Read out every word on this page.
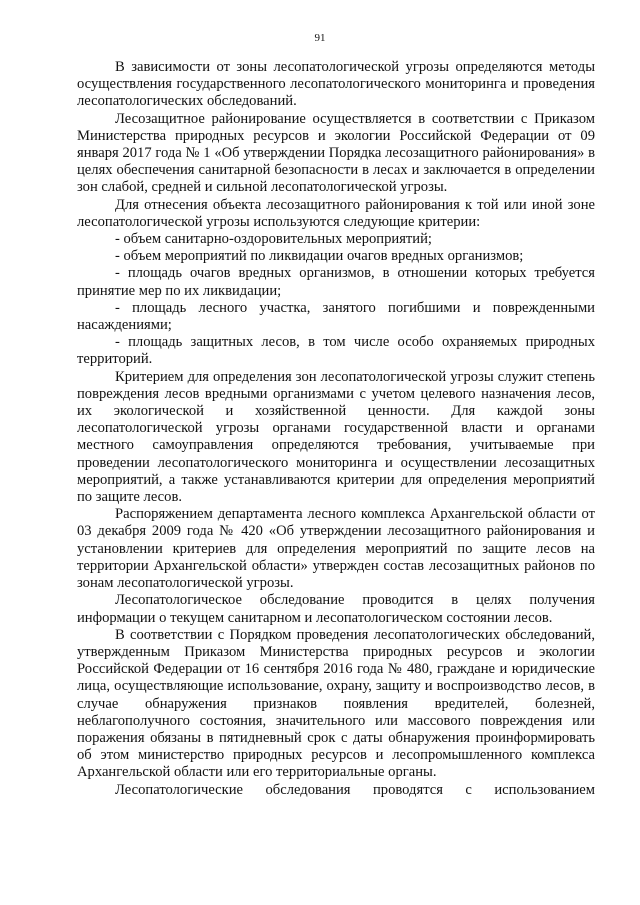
91

В зависимости от зоны лесопатологической угрозы определяются методы осуществления государственного лесопатологического мониторинга и проведения лесопатологических обследований.

Лесозащитное районирование осуществляется в соответствии с Приказом Министерства природных ресурсов и экологии Российской Федерации от 09 января 2017 года № 1 «Об утверждении Порядка лесозащитного районирования» в целях обеспечения санитарной безопасности в лесах и заключается в определении зон слабой, средней и сильной лесопатологической угрозы.

Для отнесения объекта лесозащитного районирования к той или иной зоне лесопатологической угрозы используются следующие критерии:

- объем санитарно-оздоровительных мероприятий;

- объем мероприятий по ликвидации очагов вредных организмов;

- площадь очагов вредных организмов, в отношении которых требуется принятие мер по их ликвидации;

- площадь лесного участка, занятого погибшими и поврежденными насаждениями;

- площадь защитных лесов, в том числе особо охраняемых природных территорий.

Критерием для определения зон лесопатологической угрозы служит степень повреждения лесов вредными организмами с учетом целевого назначения лесов, их экологической и хозяйственной ценности. Для каждой зоны лесопатологической угрозы органами государственной власти и органами местного самоуправления определяются требования, учитываемые при проведении лесопатологического мониторинга и осуществлении лесозащитных мероприятий, а также устанавливаются критерии для определения мероприятий по защите лесов.

Распоряжением департамента лесного комплекса Архангельской области от 03 декабря 2009 года № 420 «Об утверждении лесозащитного районирования и установлении критериев для определения мероприятий по защите лесов на территории Архангельской области» утвержден состав лесозащитных районов по зонам лесопатологической угрозы.

Лесопатологическое обследование проводится в целях получения информации о текущем санитарном и лесопатологическом состоянии лесов.

В соответствии с Порядком проведения лесопатологических обследований, утвержденным Приказом Министерства природных ресурсов и экологии Российской Федерации от 16 сентября 2016 года № 480, граждане и юридические лица, осуществляющие использование, охрану, защиту и воспроизводство лесов, в случае обнаружения признаков появления вредителей, болезней, неблагополучного состояния, значительного или массового повреждения или поражения обязаны в пятидневный срок с даты обнаружения проинформировать об этом министерство природных ресурсов и лесопромышленного комплекса Архангельской области или его территориальные органы.

Лесопатологические обследования проводятся с использованием
